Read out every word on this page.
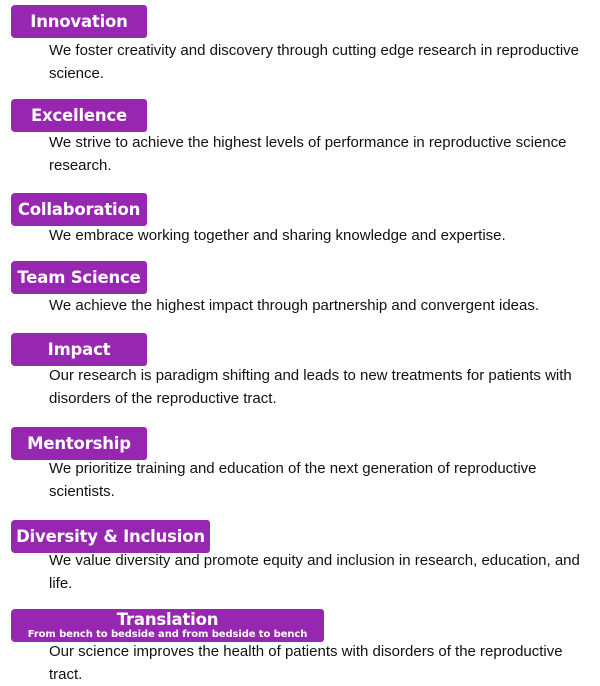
Innovation

We foster creativity and discovery through cutting edge research in reproductive science.

Excellence

We strive to achieve the highest levels of performance in reproductive science research.

Collaboration

We embrace working together and sharing knowledge and expertise.

Team Science

We achieve the highest impact through partnership and convergent ideas.

Impact

Our research is paradigm shifting and leads to new treatments for patients with disorders of the reproductive tract.

Mentorship

We prioritize training and education of the next generation of reproductive scientists.

Diversity & Inclusion

We value diversity and promote equity and inclusion in research, education, and life.

Translation
From bench to bedside and from bedside to bench

Our science improves the health of patients with disorders of the reproductive tract.
